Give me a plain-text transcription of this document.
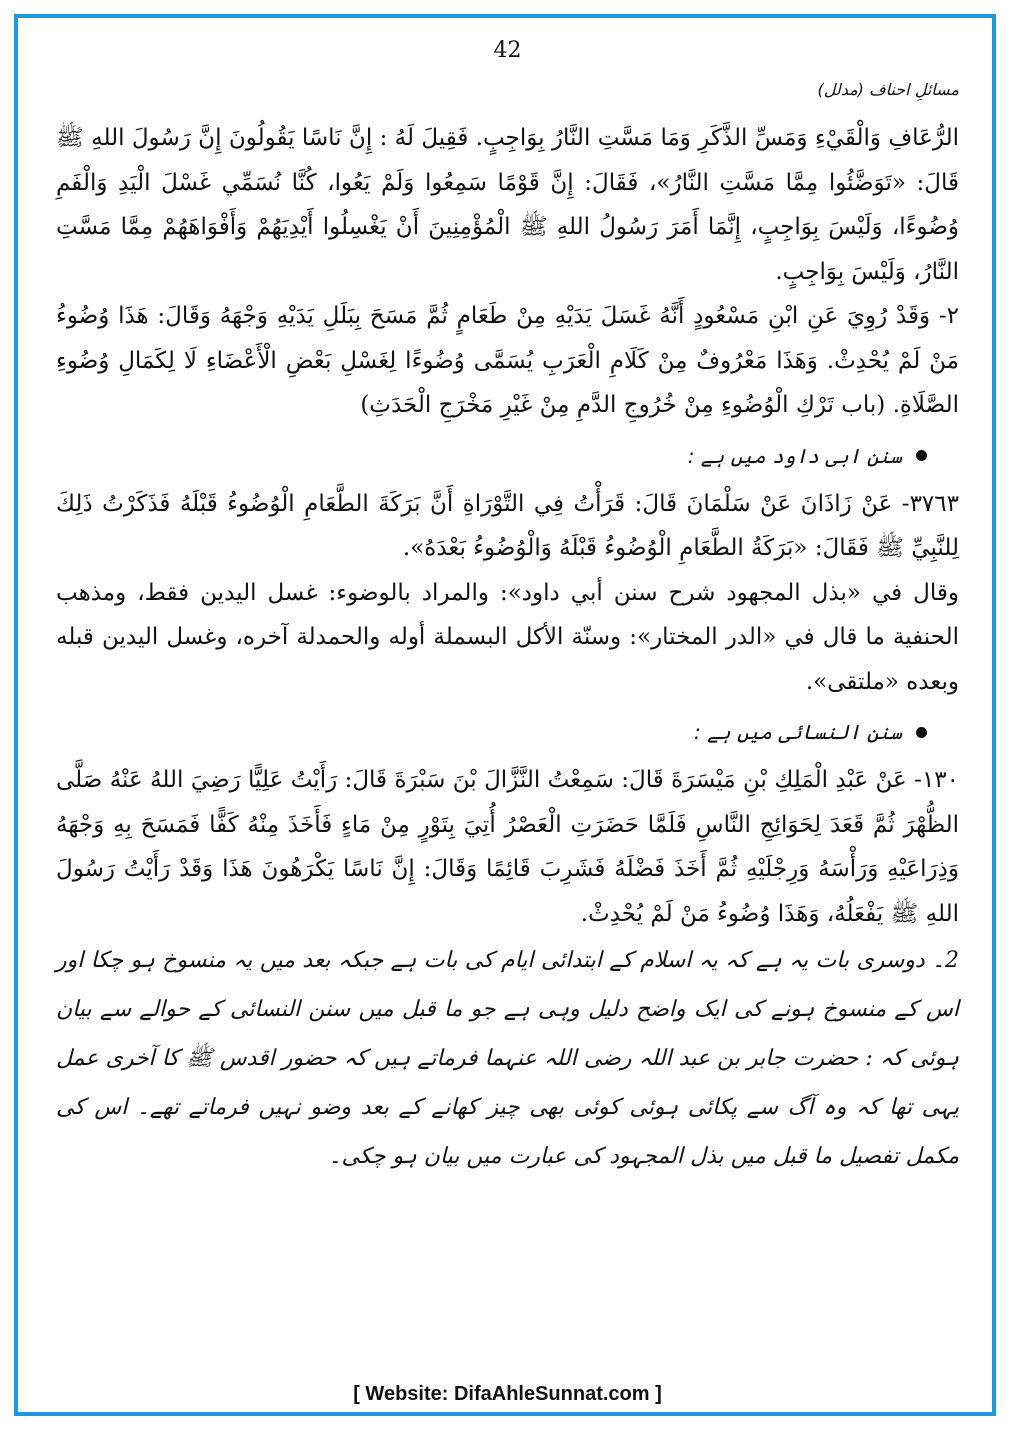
42
مسائلِ احناف (مدلل)

الرُّعَافِ وَالْقَيْءِ وَمَسِّ الذَّكَرِ وَمَا مَسَّتِ النَّارُ بِوَاجِبٍ. فَقِيلَ لَهُ : إِنَّ نَاسًا يَقُولُونَ إِنَّ رَسُولَ اللهِ ﷺ قَالَ: «تَوَضَّئُوا مِمَّا مَسَّتِ النَّارُ»، فَقَالَ: إِنَّ قَوْمًا سَمِعُوا وَلَمْ يَعُوا، كُنَّا نُسَمِّي غَسْلَ الْيَدِ وَالْفَمِ وُضُوءًا، وَلَيْسَ بِوَاجِبٍ، إِنَّمَا أَمَرَ رَسُولُ اللهِ ﷺ الْمُؤْمِنِينَ أَنْ يَغْسِلُوا أَيْدِيَهُمْ وَأَفْوَاهَهُمْ مِمَّا مَسَّتِ النَّارُ، وَلَيْسَ بِوَاجِبٍ.

٢- وَقَدْ رُوِيَ عَنِ ابْنِ مَسْعُودٍ أَنَّهُ غَسَلَ يَدَيْهِ مِنْ طَعَامٍ ثُمَّ مَسَحَ بِبَلَلِ يَدَيْهِ وَجْهَهُ وَقَالَ: هَذَا وُضُوءُ مَنْ لَمْ يُحْدِثْ. وَهَذَا مَعْرُوفٌ مِنْ كَلَامِ الْعَرَبِ يُسَمَّى وُضُوءًا لِغَسْلِ بَعْضِ الْأَعْضَاءِ لَا لِكَمَالِ وُضُوءِ الصَّلَاةِ. (باب تَرْكِ الْوُضُوءِ مِنْ خُرُوجِ الدَّمِ مِنْ غَيْرِ مَخْرَجِ الْحَدَثِ)

سنن ابی داود میں ہے :

٣٧٦٣- عَنْ زَاذَانَ عَنْ سَلْمَانَ قَالَ: قَرَأْتُ فِي التَّوْرَاةِ أَنَّ بَرَكَةَ الطَّعَامِ الْوُضُوءُ قَبْلَهُ فَذَكَرْتُ ذَلِكَ لِلنَّبِيِّ ﷺ فَقَالَ: «بَرَكَةُ الطَّعَامِ الْوُضُوءُ قَبْلَهُ وَالْوُضُوءُ بَعْدَهُ».

وقال في «بذل المجهود شرح سنن أبي داود»: والمراد بالوضوء: غسل اليدين فقط، ومذهب الحنفية ما قال في «الدر المختار»: وسنّة الأكل البسملة أوله والحمدلة آخره، وغسل اليدين قبله وبعده «ملتقى».

سنن النسائی میں ہے :

١٣٠- عَنْ عَبْدِ الْمَلِكِ بْنِ مَيْسَرَةَ قَالَ: سَمِعْتُ النَّزَّالَ بْنَ سَبْرَةَ قَالَ: رَأَيْتُ عَلِيًّا رَضِيَ اللهُ عَنْهُ صَلَّى الظُّهْرَ ثُمَّ قَعَدَ لِحَوَائِجِ النَّاسِ فَلَمَّا حَضَرَتِ الْعَصْرُ أُتِيَ بِتَوْرٍ مِنْ مَاءٍ فَأَخَذَ مِنْهُ كَفًّا فَمَسَحَ بِهِ وَجْهَهُ وَذِرَاعَيْهِ وَرَأْسَهُ وَرِجْلَيْهِ ثُمَّ أَخَذَ فَضْلَهُ فَشَرِبَ قَائِمًا وَقَالَ: إِنَّ نَاسًا يَكْرَهُونَ هَذَا وَقَدْ رَأَيْتُ رَسُولَ اللهِ ﷺ يَفْعَلُهُ، وَهَذَا وُضُوءُ مَنْ لَمْ يُحْدِثْ.

2۔ دوسری بات یہ ہے کہ یہ اسلام کے ابتدائی ایام کی بات ہے جبکہ بعد میں یہ منسوخ ہو چکا اور اس کے منسوخ ہونے کی ایک واضح دلیل وہی ہے جو ما قبل میں سنن النسائی کے حوالے سے بیان ہوئی کہ : حضرت جابر بن عبد اللہ رضی اللہ عنہما فرماتے ہیں کہ حضور اقدس ﷺ کا آخری عمل یہی تھا کہ وہ آگ سے پکائی ہوئی کوئی بھی چیز کھانے کے بعد وضو نہیں فرماتے تھے۔ اس کی مکمل تفصیل ما قبل میں بذل المجہود کی عبارت میں بیان ہو چکی۔

[ Website: DifaAhleSunnat.com ]
